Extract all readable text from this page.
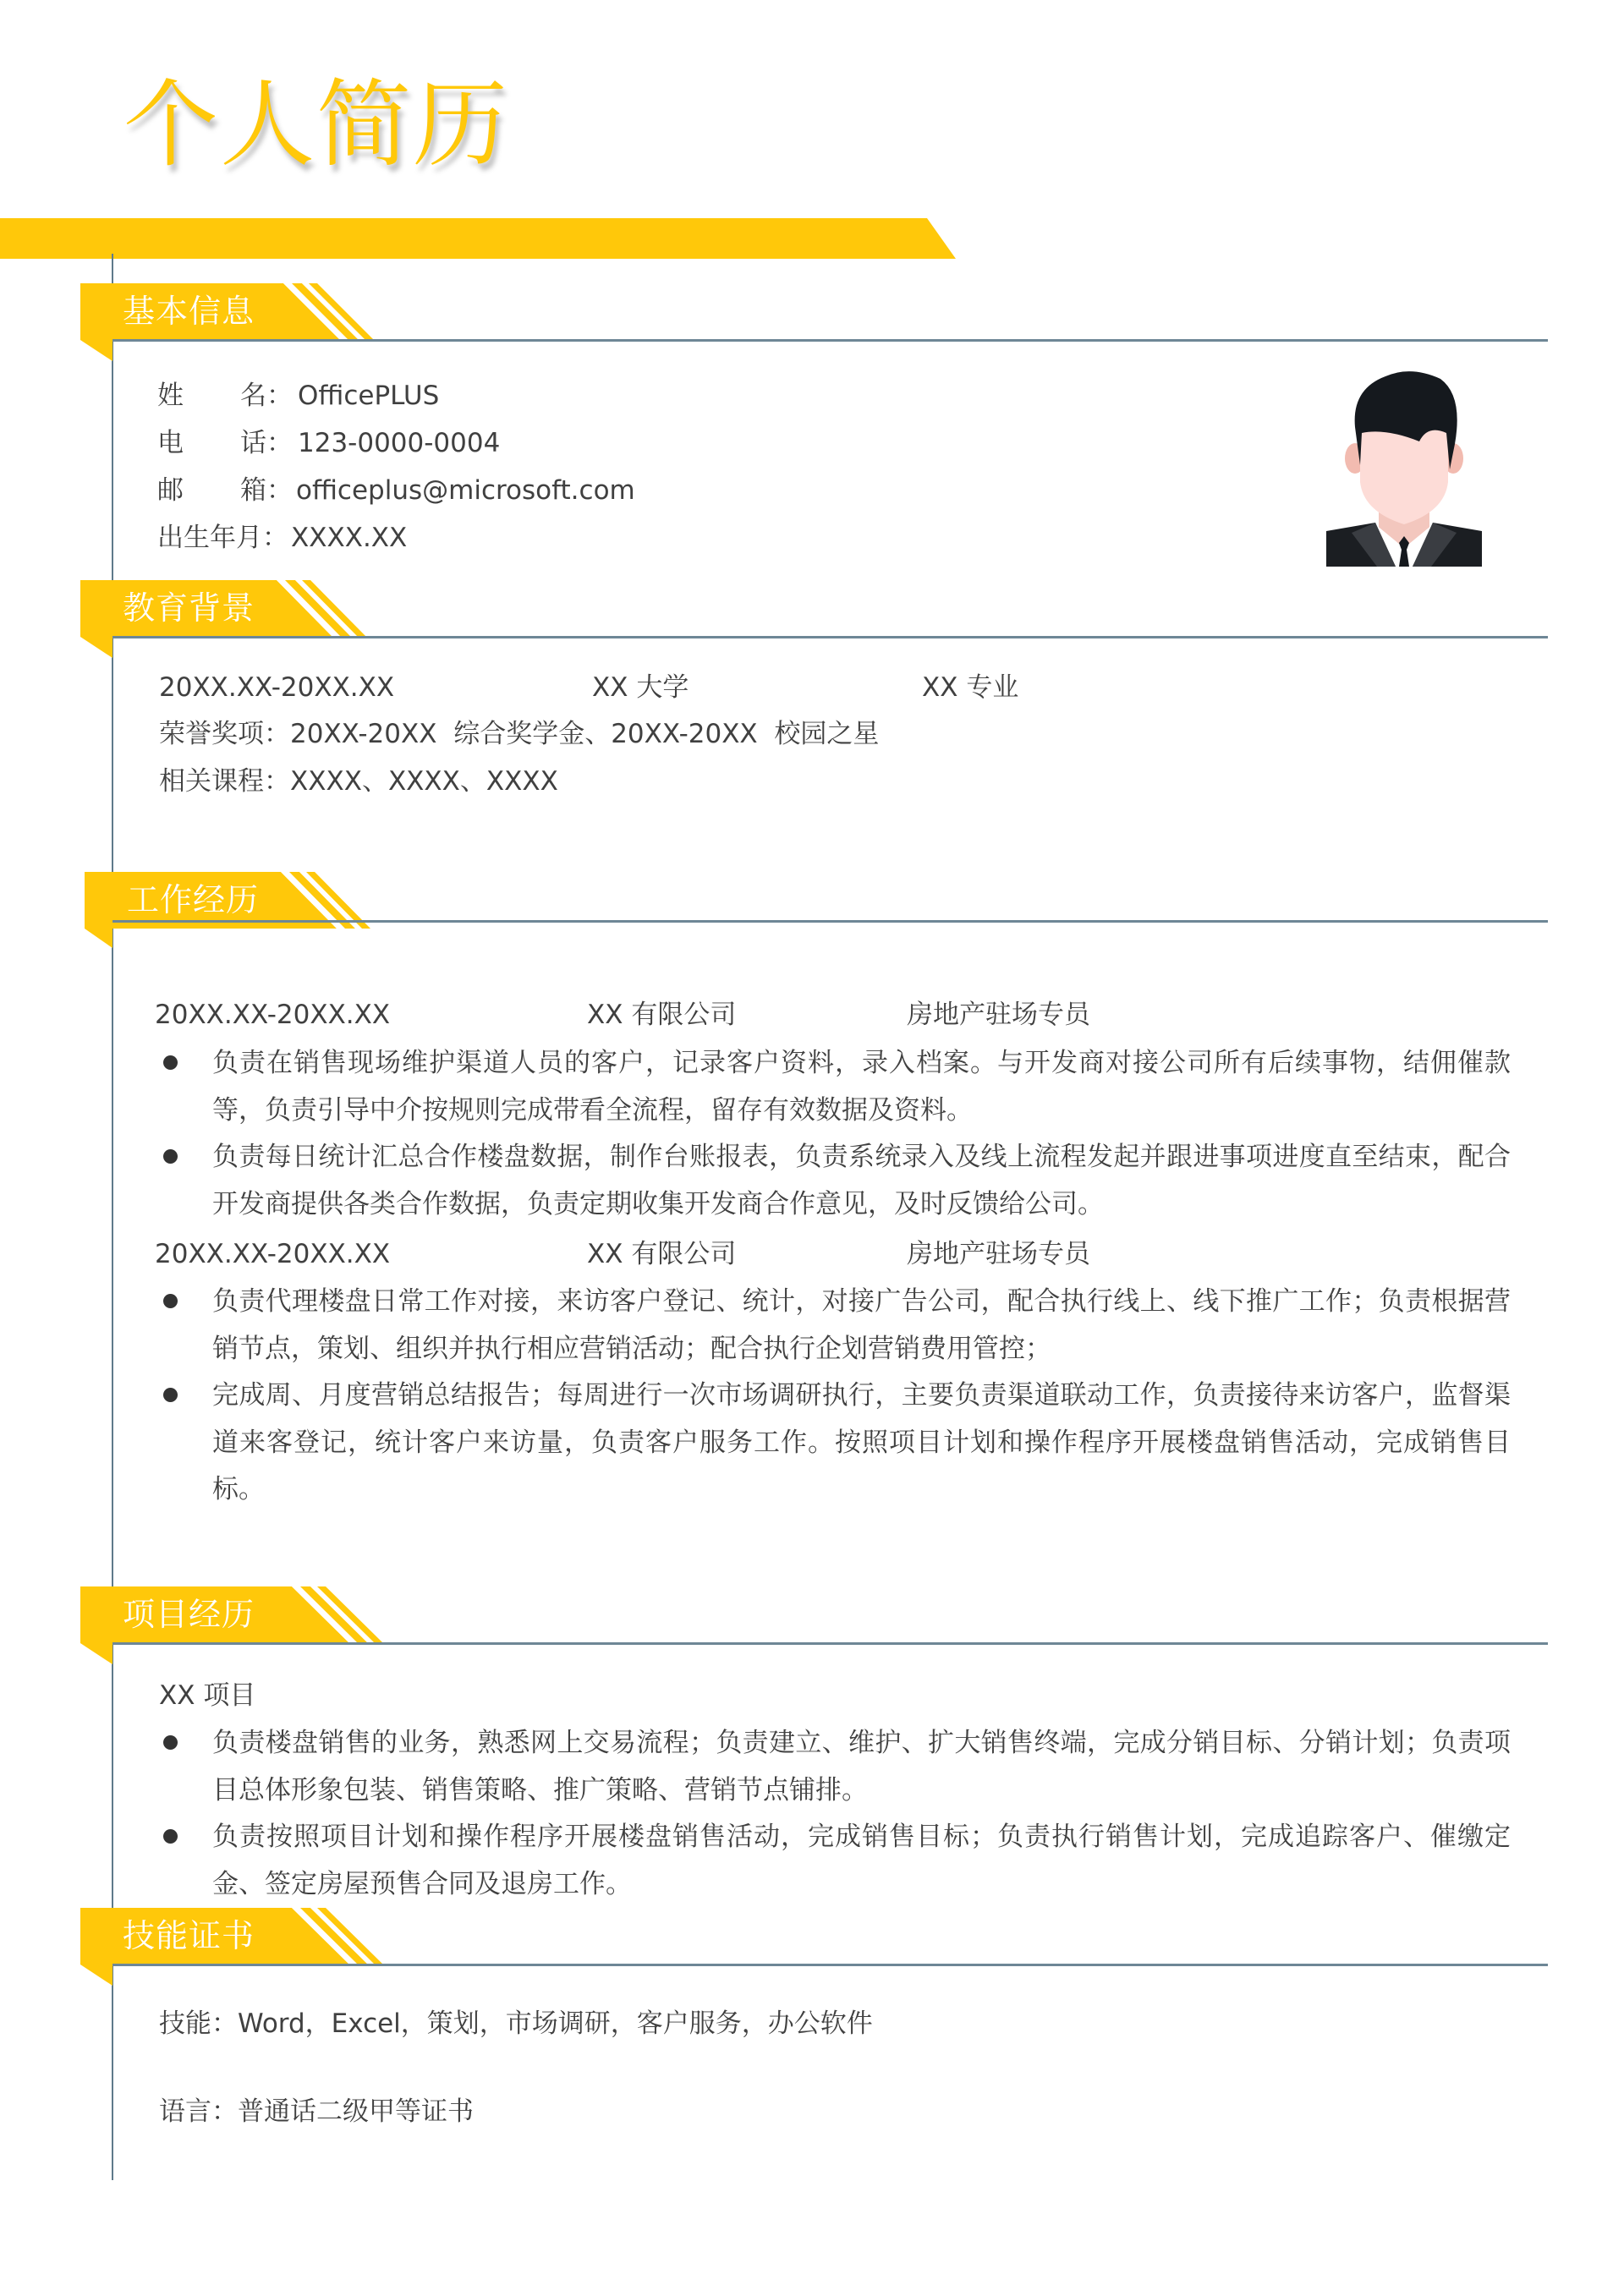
个人简历
基本信息
姓 名： OfficePLUS
电 话： 123-0000-0004
邮 箱： officeplus@microsoft.com
出生年月： XXXX.XX
教育背景
20XX.XX-20XX.XX	XX 大学	XX 专业
荣誉奖项：20XX-20XX  综合奖学金、20XX-20XX  校园之星
相关课程：XXXX、XXXX、XXXX
工作经历
20XX.XX-20XX.XX	XX 有限公司	房地产驻场专员
负责在销售现场维护渠道人员的客户，记录客户资料，录入档案。与开发商对接公司所有后续事物，结佣催款等，负责引导中介按规则完成带看全流程，留存有效数据及资料。
负责每日统计汇总合作楼盘数据，制作台账报表，负责系统录入及线上流程发起并跟进事项进度直至结束，配合开发商提供各类合作数据，负责定期收集开发商合作意见，及时反馈给公司。
20XX.XX-20XX.XX	XX 有限公司	房地产驻场专员
负责代理楼盘日常工作对接，来访客户登记、统计，对接广告公司，配合执行线上、线下推广工作；负责根据营销节点，策划、组织并执行相应营销活动；配合执行企划营销费用管控；
完成周、月度营销总结报告；每周进行一次市场调研执行，主要负责渠道联动工作，负责接待来访客户，监督渠道来客登记，统计客户来访量，负责客户服务工作。按照项目计划和操作程序开展楼盘销售活动，完成销售目标。
项目经历
XX 项目
负责楼盘销售的业务，熟悉网上交易流程；负责建立、维护、扩大销售终端，完成分销目标、分销计划；负责项目总体形象包装、销售策略、推广策略、营销节点铺排。
负责按照项目计划和操作程序开展楼盘销售活动，完成销售目标；负责执行销售计划，完成追踪客户、催缴定金、签定房屋预售合同及退房工作。
技能证书
技能：Word，Excel，策划，市场调研，客户服务，办公软件
语言：普通话二级甲等证书
